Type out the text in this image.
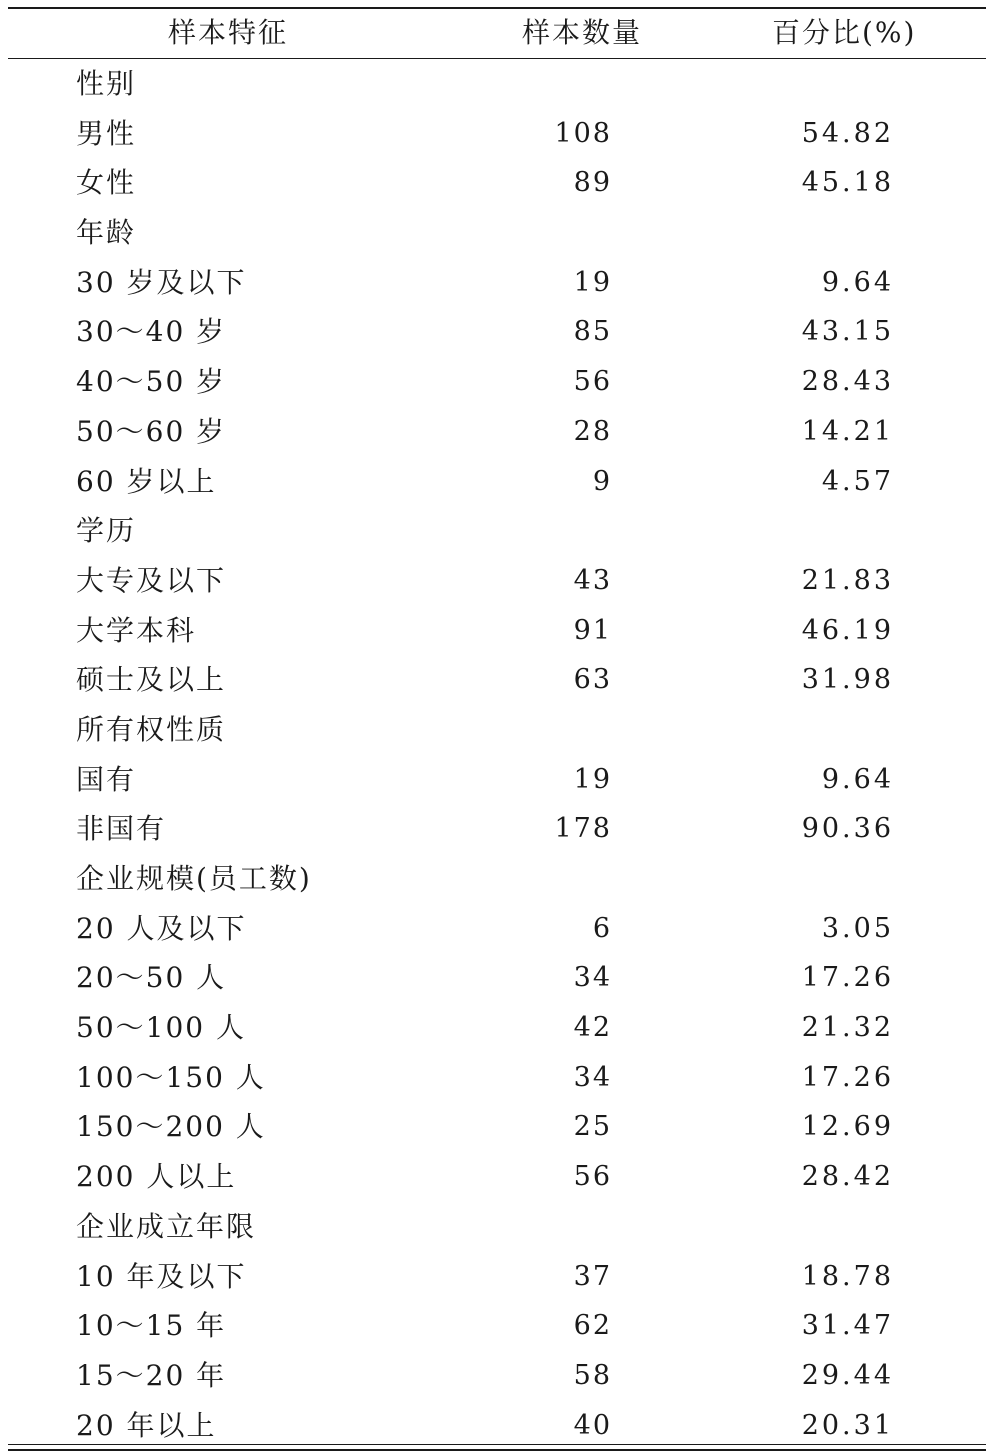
样本特征	样本数量	百分比(%)
性别
男性	108	54.82
女性	89	45.18
年龄
30 岁及以下	19	9.64
30～40 岁	85	43.15
40～50 岁	56	28.43
50～60 岁	28	14.21
60 岁以上	9	4.57
学历
大专及以下	43	21.83
大学本科	91	46.19
硕士及以上	63	31.98
所有权性质
国有	19	9.64
非国有	178	90.36
企业规模(员工数)
20 人及以下	6	3.05
20～50 人	34	17.26
50～100 人	42	21.32
100～150 人	34	17.26
150～200 人	25	12.69
200 人以上	56	28.42
企业成立年限
10 年及以下	37	18.78
10～15 年	62	31.47
15～20 年	58	29.44
20 年以上	40	20.31
